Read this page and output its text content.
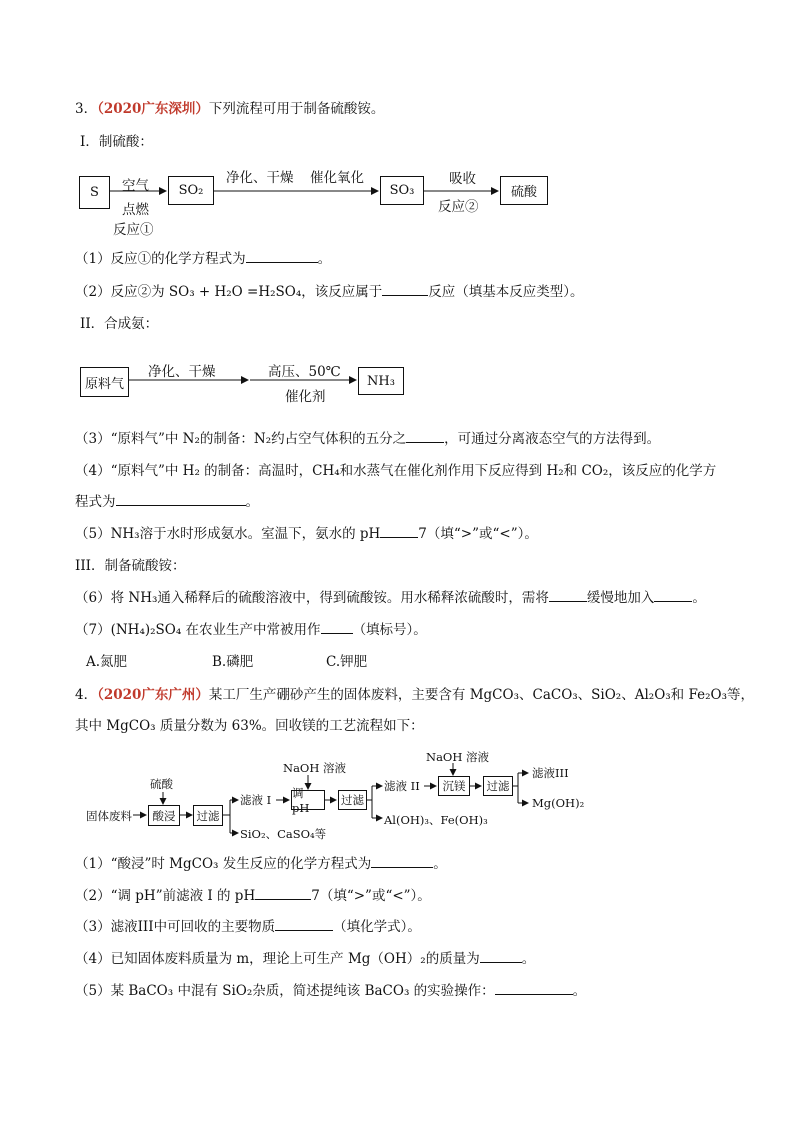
3．（2020广东深圳）下列流程可用于制备硫酸铵。
I．制硫酸：
S	空气
点燃
反应①
SO₂
净化、干燥 催化氧化
SO₃
吸收
反应②
硫酸
（1）反应①的化学方程式为	。
（2）反应②为 SO₃ + H₂O =H₂SO₄，该反应属于	反应（填基本反应类型）。
II．合成氨：
原料气
净化、干燥	高压、50℃
催化剂
NH₃
（3）“原料气”中 N₂的制备：N₂约占空气体积的五分之	，可通过分离液态空气的方法得到。
（4）“原料气”中 H₂ 的制备：高温时，CH₄和水蒸气在催化剂作用下反应得到 H₂和 CO₂，该反应的化学方
程式为	。
（5）NH₃溶于水时形成氨水。室温下，氨水的 pH	7（填“>”或“<”）。
III．制备硫酸铵：
（6）将 NH₃通入稀释后的硫酸溶液中，得到硫酸铵。用水稀释浓硫酸时，需将	缓慢地加入	。
（7）(NH₄)₂SO₄ 在农业生产中常被用作 （填标号）。
A.氮肥	B.磷肥	C.钾肥
4．（2020广东广州）某工厂生产硼砂产生的固体废料，主要含有 MgCO₃、CaCO₃、SiO₂、Al₂O₃和 Fe₂O₃等，
其中 MgCO₃ 质量分数为 63%。回收镁的工艺流程如下：
固体废料
硫酸
酸浸	过滤
滤液 I
SiO₂、CaSO₄等
NaOH 溶液
调 pH
过滤
滤液 II
Al(OH)₃、Fe(OH)₃
NaOH 溶液
沉镁	过滤
滤液III
Mg(OH)₂
（1）“酸浸”时 MgCO₃ 发生反应的化学方程式为	。
（2）“调 pH”前滤液 I 的 pH	7（填“>”或“<”）。
（3）滤液III中可回收的主要物质	（填化学式）。
（4）已知固体废料质量为 m，理论上可生产 Mg（OH）₂的质量为	。
（5）某 BaCO₃ 中混有 SiO₂杂质，简述提纯该 BaCO₃ 的实验操作：	。
